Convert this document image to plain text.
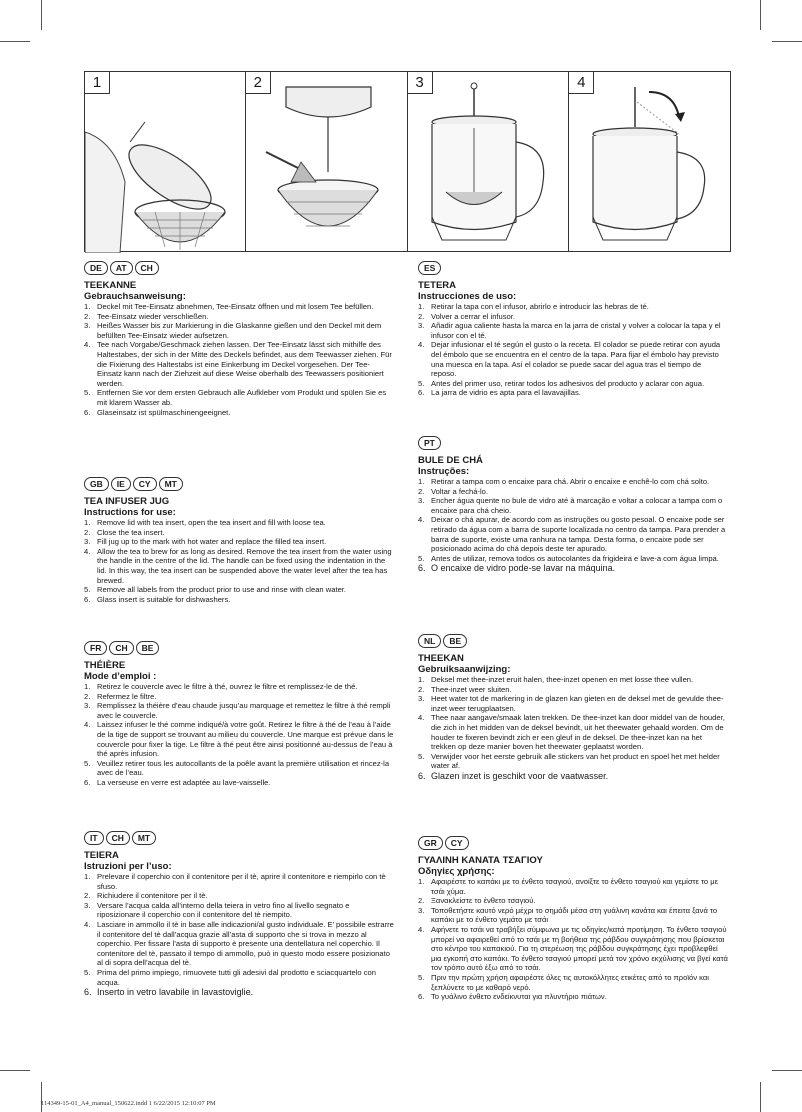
1	2	3	4
DE	AT	CH
TEEKANNE
Gebrauchsanweisung:
1. Deckel mit Tee-Einsatz abnehmen, Tee-Einsatz öffnen und mit losem Tee befüllen.
2. Tee-Einsatz wieder verschließen.
3. Heißes Wasser bis zur Markierung in die Glaskanne gießen und den Deckel mit dem befüllten Tee-Einsatz wieder aufsetzen.
4. Tee nach Vorgabe/Geschmack ziehen lassen. Der Tee-Einsatz lässt sich mithilfe des Haltestabes, der sich in der Mitte des Deckels befindet, aus dem Teewasser ziehen. Für die Fixierung des Haltestabs ist eine Einkerbung im Deckel vorgesehen. Der Tee-Einsatz kann nach der Ziehzeit auf diese Weise oberhalb des Teewassers positioniert werden.
5. Entfernen Sie vor dem ersten Gebrauch alle Aufkleber vom Produkt und spülen Sie es mit klarem Wasser ab.
6. Glaseinsatz ist spülmaschinengeeignet.
GB	IE	CY	MT
TEA INFUSER JUG
Instructions for use:
1. Remove lid with tea insert, open the tea insert and fill with loose tea.
2. Close the tea insert.
3. Fill jug up to the mark with hot water and replace the filled tea insert.
4. Allow the tea to brew for as long as desired. Remove the tea insert from the water using the handle in the centre of the lid. The handle can be fixed using the indentation in the lid. In this way, the tea insert can be suspended above the water level after the tea has brewed.
5. Remove all labels from the product prior to use and rinse with clean water.
6. Glass insert is suitable for dishwashers.
FR	CH	BE
THÉIÈRE
Mode d’emploi :
1. Retirez le couvercle avec le filtre à thé, ouvrez le filtre et remplissez-le de thé.
2. Refermez le filtre.
3. Remplissez la théière d’eau chaude jusqu’au marquage et remettez le filtre à thé rempli avec le couvercle.
4. Laissez infuser le thé comme indiqué/à votre goût. Retirez le filtre à thé de l’eau à l’aide de la tige de support se trouvant au milieu du couvercle. Une marque est prévue dans le couvercle pour fixer la tige. Le filtre à thé peut être ainsi positionné au-dessus de l’eau à thé après infusion.
5. Veuillez retirer tous les autocollants de la poêle avant la première utilisation et rincez-la avec de l’eau.
6. La verseuse en verre est adaptée au lave-vaisselle.
IT	CH	MT
TEIERA
Istruzioni per l’uso:
1. Prelevare il coperchio con il contenitore per il tè, aprire il contenitore e riempirlo con tè sfuso.
2. Richiudere il contenitore per il tè.
3. Versare l’acqua calda all’interno della teiera in vetro fino al livello segnato e riposizionare il coperchio con il contenitore del tè riempito.
4. Lasciare in ammollo il tè in base alle indicazioni/al gusto individuale. E’ possibile estrarre il contenitore del tè dall’acqua grazie all’asta di supporto che si trova in mezzo al coperchio. Per fissare l’asta di supporto è presente una dentellatura nel coperchio. Il contenitore del tè, passato il tempo di ammollo, può in questo modo essere posizionato al di sopra dell’acqua del tè.
5. Prima del primo impiego, rimuovete tutti gli adesivi dal prodotto e sciacquartelo con acqua.
6. Inserto in vetro lavabile in lavastoviglie.
ES
TETERA
Instrucciones de uso:
1. Retirar la tapa con el infusor, abrirlo e introducir las hebras de té.
2. Volver a cerrar el infusor.
3. Añadir agua caliente hasta la marca en la jarra de cristal y volver a colocar la tapa y el infusor con el té.
4. Dejar infusionar el té según el gusto o la receta. El colador se puede retirar con ayuda del émbolo que se encuentra en el centro de la tapa. Para fijar el émbolo hay previsto una muesca en la tapa. Así el colador se puede sacar del agua tras el tiempo de reposo.
5. Antes del primer uso, retirar todos los adhesivos del producto y aclarar con agua.
6. La jarra de vidrio es apta para el lavavajillas.
PT
BULE DE CHÁ
Instruções:
1. Retirar a tampa com o encaixe para chá. Abrir o encaixe e enchê-lo com chá solto.
2. Voltar a fechá-lo.
3. Encher água quente no bule de vidro até à marcação e voltar a colocar a tampa com o encaixe para chá cheio.
4. Deixar o chá apurar, de acordo com as instruções ou gosto pesoal. O encaixe pode ser retirado da água com a barra de suporte localizada no centro da tampa. Para prender a barra de suporte, existe uma ranhura na tampa. Desta forma, o encaixe pode ser posicionado acima do chá depois deste ter apurado.
5. Antes de utilizar, remova todos os autocolantes da frigideira e lave-a com água limpa.
6. O encaixe de vidro pode-se lavar na máquina.
NL	BE
THEEKAN
Gebruiksaanwijzing:
1. Deksel met thee-inzet eruit halen, thee-inzet openen en met losse thee vullen.
2. Thee-inzet weer sluiten.
3. Heet water tot de markering in de glazen kan gieten en de deksel met de gevulde thee-inzet weer terugplaatsen.
4. Thee naar aangave/smaak laten trekken. De thee-inzet kan door middel van de houder, die zich in het midden van de deksel bevindt, uit het theewater gehaald worden. Om de houder te fixeren bevindt zich er een gleuf in de deksel. De thee-inzet kan na het trekken op deze manier boven het theewater geplaatst worden.
5. Verwijder voor het eerste gebruik alle stickers van het product en spoel het met helder water af.
6. Glazen inzet is geschikt voor de vaatwasser.
GR	CY
ΓΥΑΛΙΝΗ ΚΑΝΑΤΑ ΤΣΑΓΙΟΥ
Οδηγίες χρήσης:
1. Αφαιρέστε το καπάκι με το ένθετο τσαγιού, ανοίξτε το ένθετο τσαγιού και γεμίστε το με τσάι χύμα.
2. Ξανακλείστε το ένθετο τσαγιού.
3. Τοποθετήστε καυτό νερό μέχρι το σημάδι μέσα στη γυάλινη κανάτα και έπειτα ξανά το καπάκι με το ένθετο γεμάτο με τσάι
4. Αφήνετε το τσάι να τραβήξει σύμφωνα με τις οδηγίες/κατά προτίμηση. Το ένθετο τσαγιού μπορεί να αφαιρεθεί από το τσάι με τη βοήθεια της ράβδου συγκράτησης που βρίσκεται στο κέντρο του καπακιού. Για τη στερέωση της ράβδου συγκράτησης έχει προβλεφθεί μια εγκοπή στο καπάκι. Το ένθετο τσαγιού μπορεί μετά τον χρόνο εκχύλισης να βγεί κατά τον τρόπο αυτό έξω από το τσάι.
5. Πριν την πρώτη χρήση αφαιρέστε όλες τις αυτοκόλλητες ετικέτες από το προϊόν και ξεπλύνετε το με καθαρό νερό.
6. Το γυάλινο ένθετο ενδείκνυται για πλυντήριο πιάτων.
114349-15-01_A4_manual_150622.indd 1 6/22/2015 12:10:07 PM
